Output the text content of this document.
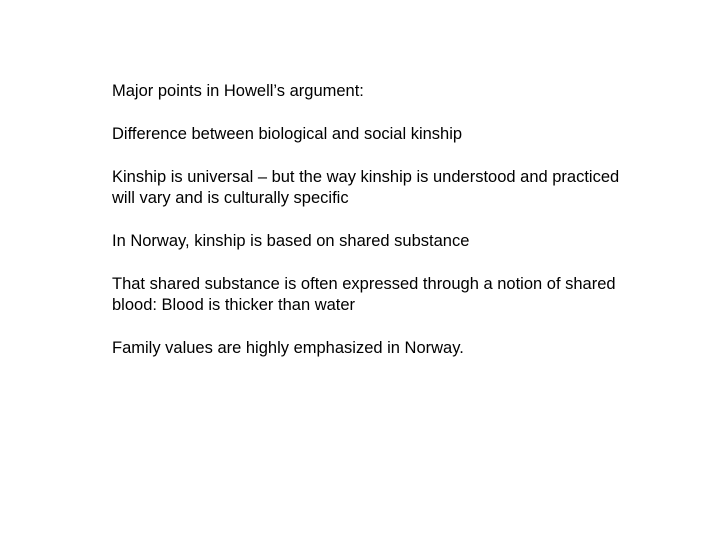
Major points in Howell’s argument:

Difference between biological and social kinship

Kinship is universal – but the way kinship is understood and practiced
will vary and is culturally specific

In Norway, kinship is based on shared substance

That shared substance is often expressed through a notion of shared
blood: Blood is thicker than water

Family values are highly emphasized in Norway.
